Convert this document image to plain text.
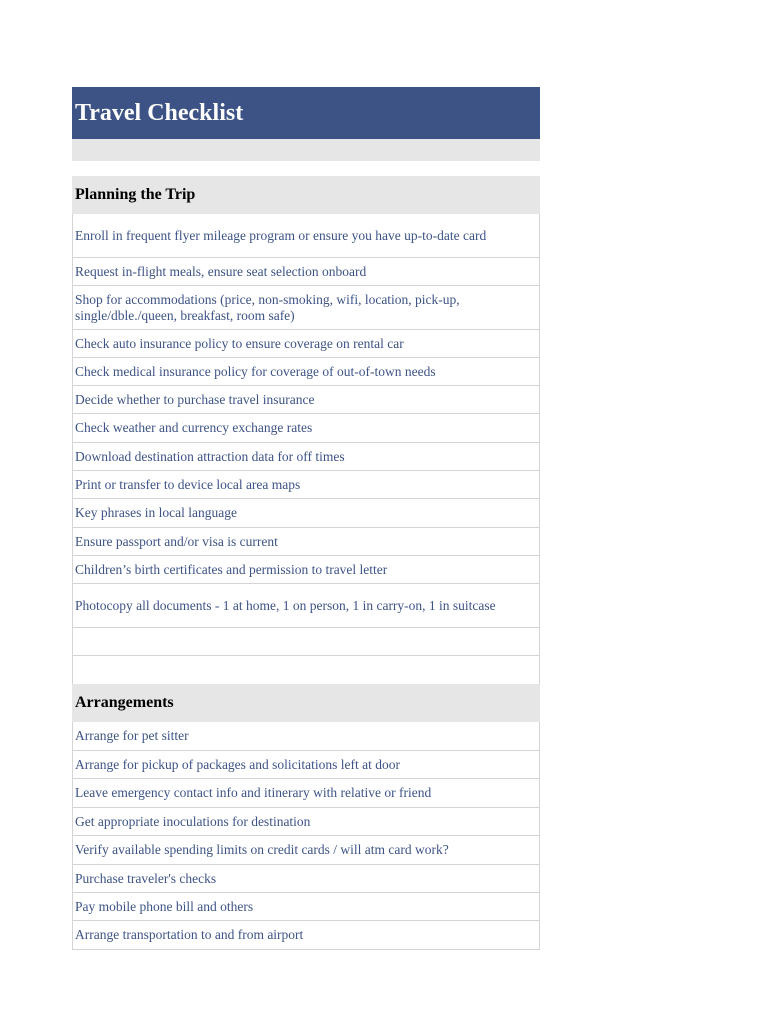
Travel Checklist
Planning the Trip
Enroll in frequent flyer mileage program or ensure you have up-to-date card
Request in-flight meals, ensure seat selection onboard
Shop for accommodations (price, non-smoking, wifi, location, pick-up, single/dble./queen, breakfast, room safe)
Check auto insurance policy to ensure coverage on rental car
Check medical insurance policy for coverage of out-of-town needs
Decide whether to purchase travel insurance
Check weather and currency exchange rates
Download destination attraction data for off times
Print or transfer to device local area maps
Key phrases in local language
Ensure passport and/or visa is current
Children’s birth certificates and permission to travel letter
Photocopy all documents - 1 at home, 1 on person, 1 in carry-on, 1 in suitcase
Arrangements
Arrange for pet sitter
Arrange for pickup of packages and solicitations left at door
Leave emergency contact info and itinerary with relative or friend
Get appropriate inoculations for destination
Verify available spending limits on credit cards / will atm card work?
Purchase traveler's checks
Pay mobile phone bill and others
Arrange transportation to and from airport
